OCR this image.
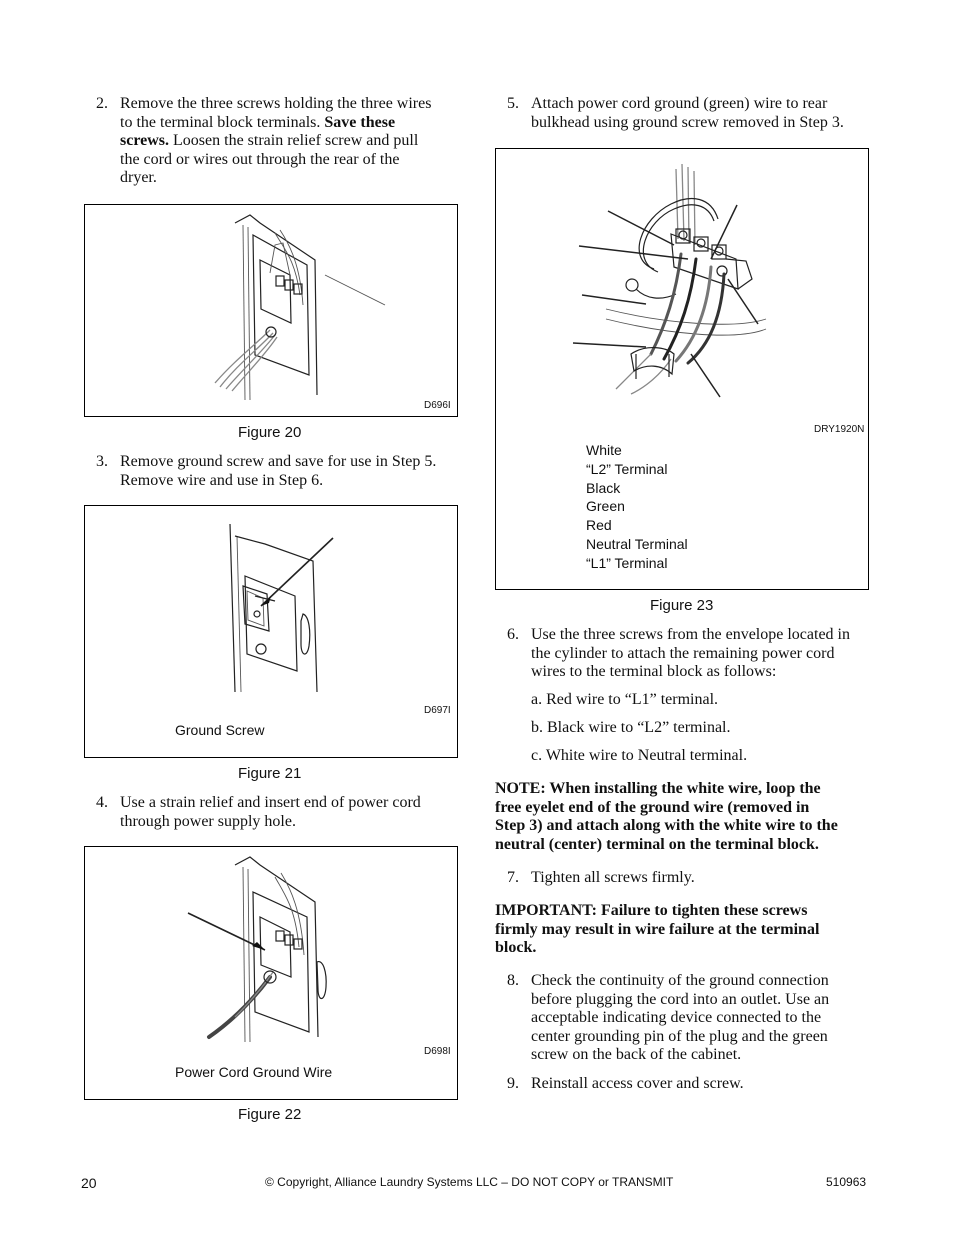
2. Remove the three screws holding the three wires
to the terminal block terminals. Save these
screws. Loosen the strain relief screw and pull
the cord or wires out through the rear of the
dryer.
D696I
Figure 20
3. Remove ground screw and save for use in Step 5.
Remove wire and use in Step 6.
Ground Screw
D697I
Figure 21
4. Use a strain relief and insert end of power cord
through power supply hole.
Power Cord Ground Wire
D698I
Figure 22
5. Attach power cord ground (green) wire to rear
bulkhead using ground screw removed in Step 3.
DRY1920N
White
“L2” Terminal
Black
Green
Red
Neutral Terminal
“L1” Terminal
Figure 23
6. Use the three screws from the envelope located in
the cylinder to attach the remaining power cord
wires to the terminal block as follows:
a. Red wire to “L1” terminal.
b. Black wire to “L2” terminal.
c. White wire to Neutral terminal.
NOTE: When installing the white wire, loop the
free eyelet end of the ground wire (removed in
Step 3) and attach along with the white wire to the
neutral (center) terminal on the terminal block.
7. Tighten all screws firmly.
IMPORTANT: Failure to tighten these screws
firmly may result in wire failure at the terminal
block.
8. Check the continuity of the ground connection
before plugging the cord into an outlet. Use an
acceptable indicating device connected to the
center grounding pin of the plug and the green
screw on the back of the cabinet.
9. Reinstall access cover and screw.
20	© Copyright, Alliance Laundry Systems LLC – DO NOT COPY or TRANSMIT	510963
